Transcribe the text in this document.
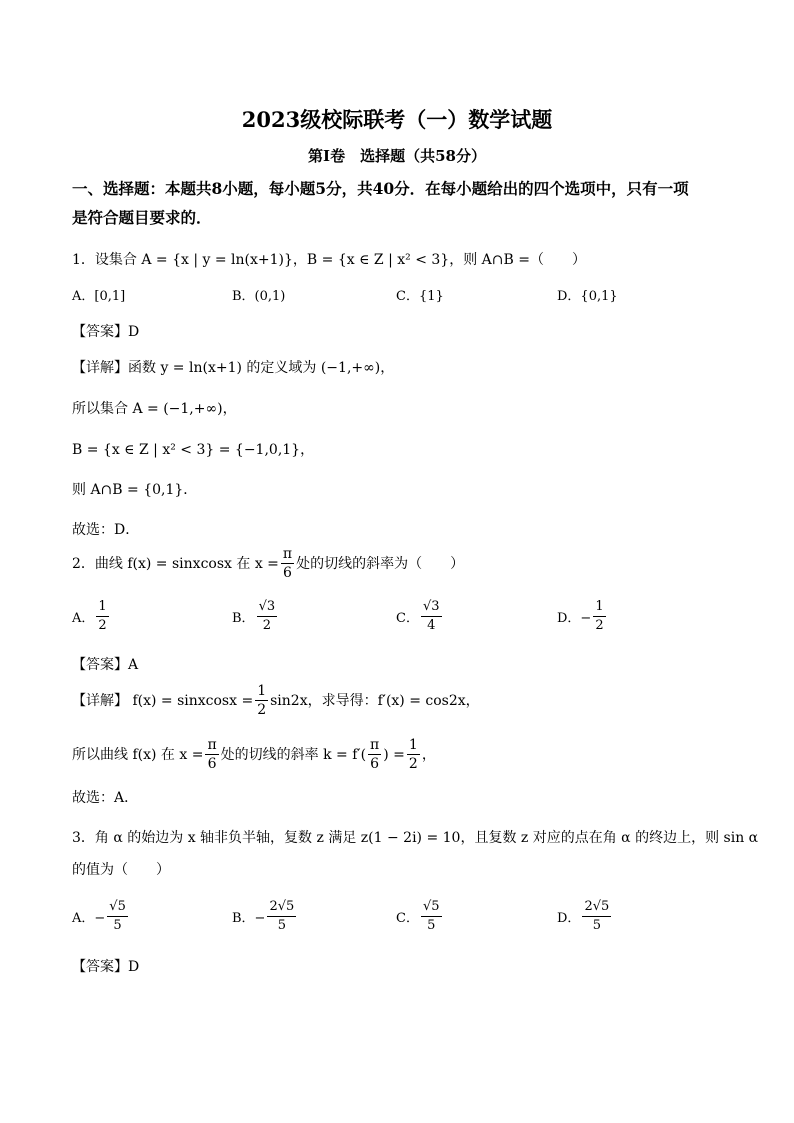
2023级校际联考（一）数学试题
第Ⅰ卷　选择题（共58分）
一、选择题：本题共8小题，每小题5分，共40分．在每小题给出的四个选项中，只有一项
是符合题目要求的．
1．设集合 A = {x | y = ln(x+1)}，B = {x ∈ Z | x² < 3}，则 A∩B =（　　）
A．[0,1]	B．(0,1)	C．{1}	D．{0,1}
【答案】D
【详解】函数 y = ln(x+1) 的定义域为 (−1,+∞)，
所以集合 A = (−1,+∞)，
B = {x ∈ Z | x² < 3} = {−1,0,1}，
则 A∩B = {0,1}．
故选：D．
2．曲线 f(x) = sinxcosx 在 $x = \frac{\pi}{6}$ 处的切线的斜率为（　　）
A． $\frac{1}{2}$	B． $\frac{√3}{2}$	C． $\frac{√3}{4}$	D．− $\frac{1}{2}$
【答案】A
【详解】 f(x) = sinxcosx = $\frac{1}{2} \sin 2x$，求导得：f′(x) = cos2x，
所以曲线 f(x) 在 $x = \frac{\pi}{6}$ 处的切线的斜率 $k = f'( \frac{\pi}{6}$ ) = $\frac{1}{2}$ ，
故选：A．
3．角 α 的始边为 x 轴非负半轴，复数 z 满足 z(1 − 2i) = 10，且复数 z 对应的点在角 α 的终边上，则 sin α
的值为（　　）
A．− $\frac{√5}{5}$	B．− $\frac{2√5}{5}$	C． $\frac{√5}{5}$	D． $\frac{2√5}{5}$
【答案】D
